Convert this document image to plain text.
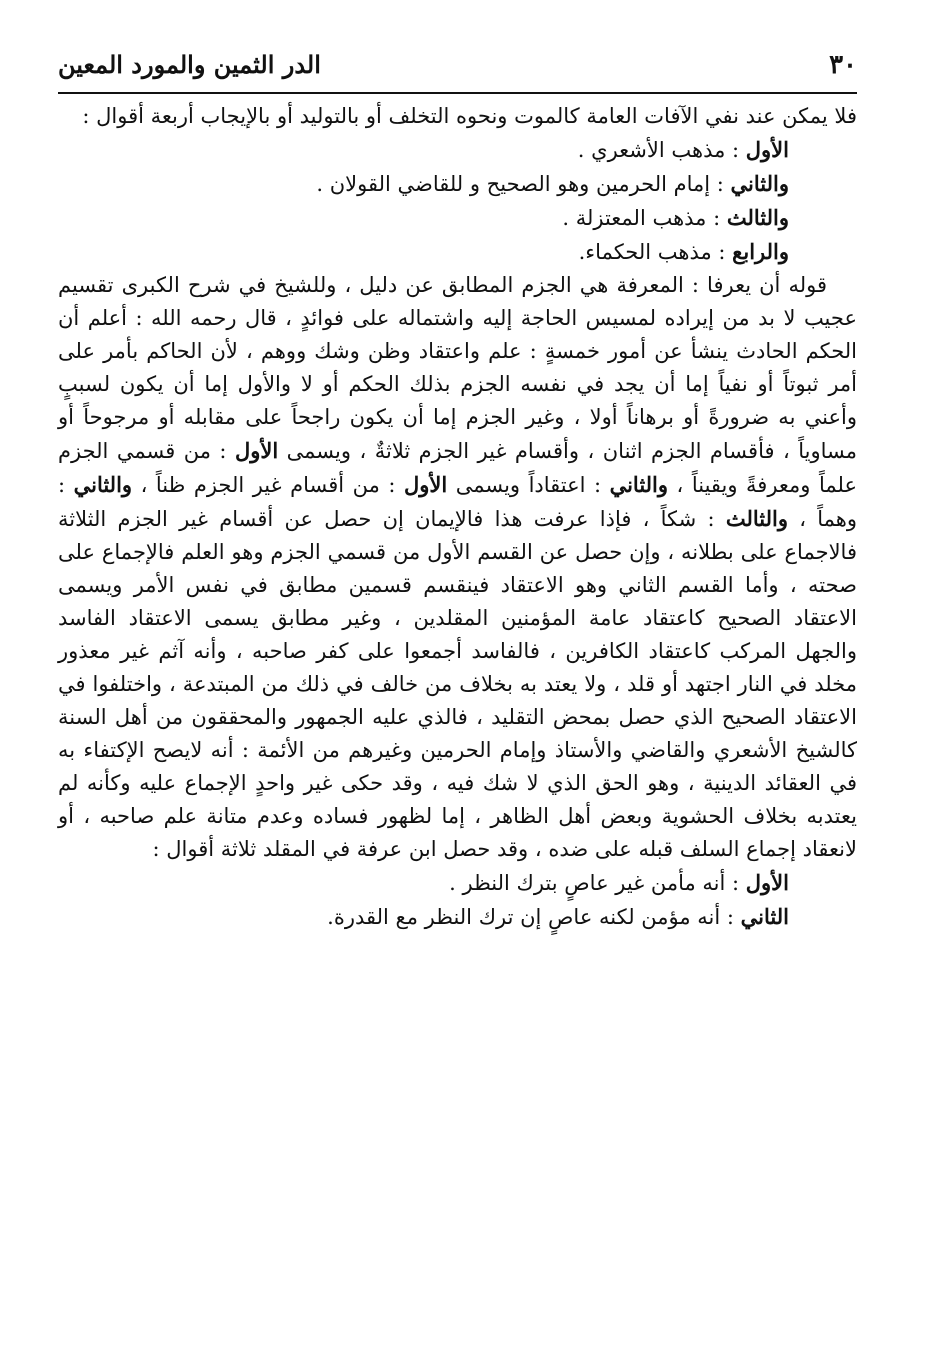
٣٠
الدر الثمين والمورد المعين

فلا يمكن عند نفي الآفات العامة كالموت ونحوه التخلف أو بالتوليد أو بالإيجاب أربعة أقوال :

الأول : مذهب الأشعري .

والثاني : إمام الحرمين وهو الصحيح و للقاضي القولان .

والثالث : مذهب المعتزلة .

والرابع : مذهب الحكماء.

قوله أن يعرفا : المعرفة هي الجزم المطابق عن دليل ، وللشيخ في شرح الكبرى تقسيم عجيب لا بد من إيراده لمسيس الحاجة إليه واشتماله على فوائدٍ ، قال رحمه الله : أعلم أن الحكم الحادث ينشأ عن أمور خمسةٍ : علم واعتقاد وظن وشك ووهم ، لأن الحاكم بأمر على أمر ثبوتاً أو نفياً إما أن يجد في نفسه الجزم بذلك الحكم أو لا والأول إما أن يكون لسببٍ وأعني به ضرورةً أو برهاناً أولا ، وغير الجزم إما أن يكون راجحاً على مقابله أو مرجوحاً أو مساوياً ، فأقسام الجزم اثنان ، وأقسام غير الجزم ثلاثةٌ ، ويسمى الأول : من قسمي الجزم علماً ومعرفةً ويقيناً ، والثاني : اعتقاداً ويسمى الأول : من أقسام غير الجزم ظناً ، والثاني : وهماً ، والثالث : شكاً ، فإذا عرفت هذا فالإيمان إن حصل عن أقسام غير الجزم الثلاثة فالاجماع على بطلانه ، وإن حصل عن القسم الأول من قسمي الجزم وهو العلم فالإجماع على صحته ، وأما القسم الثاني وهو الاعتقاد فينقسم قسمين مطابق في نفس الأمر ويسمى الاعتقاد الصحيح كاعتقاد عامة المؤمنين المقلدين ، وغير مطابق يسمى الاعتقاد الفاسد والجهل المركب كاعتقاد الكافرين ، فالفاسد أجمعوا على كفر صاحبه ، وأنه آثم غير معذور مخلد في النار اجتهد أو قلد ، ولا يعتد به بخلاف من خالف في ذلك من المبتدعة ، واختلفوا في الاعتقاد الصحيح الذي حصل بمحض التقليد ، فالذي عليه الجمهور والمحققون من أهل السنة كالشيخ الأشعري والقاضي والأستاذ وإمام الحرمين وغيرهم من الأئمة : أنه لايصح الإكتفاء به في العقائد الدينية ، وهو الحق الذي لا شك فيه ، وقد حكى غير واحدٍ الإجماع عليه وكأنه لم يعتدبه بخلاف الحشوية وبعض أهل الظاهر ، إما لظهور فساده وعدم متانة علم صاحبه ، أو لانعقاد إجماع السلف قبله على ضده ، وقد حصل ابن عرفة في المقلد ثلاثة أقوال :

الأول : أنه مأمن غير عاصٍ بترك النظر .

الثاني : أنه مؤمن لكنه عاصٍ إن ترك النظر مع القدرة.
